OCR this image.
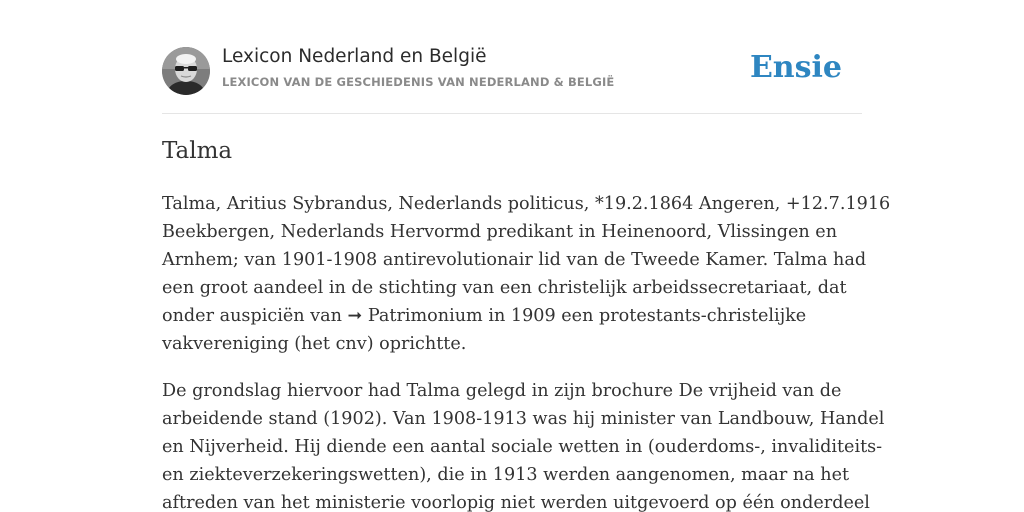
Lexicon Nederland en België
LEXICON VAN DE GESCHIEDENIS VAN NEDERLAND & BELGIË	Ensie
Talma

Talma, Aritius Sybrandus, Nederlands politicus, *19.2.1864 Angeren, +12.7.1916
Beekbergen, Nederlands Hervormd predikant in Heinenoord, Vlissingen en
Arnhem; van 1901-1908 antirevolutionair lid van de Tweede Kamer. Talma had
een groot aandeel in de stichting van een christelijk arbeidssecretariaat, dat
onder auspiciën van ➞ Patrimonium in 1909 een protestants-christelijke
vakvereniging (het cnv) oprichtte.

De grondslag hiervoor had Talma gelegd in zijn brochure De vrijheid van de
arbeidende stand (1902). Van 1908-1913 was hij minister van Landbouw, Handel
en Nijverheid. Hij diende een aantal sociale wetten in (ouderdoms-, invaliditeits-
en ziekteverzekeringswetten), die in 1913 werden aangenomen, maar na het
aftreden van het ministerie voorlopig niet werden uitgevoerd op één onderdeel
